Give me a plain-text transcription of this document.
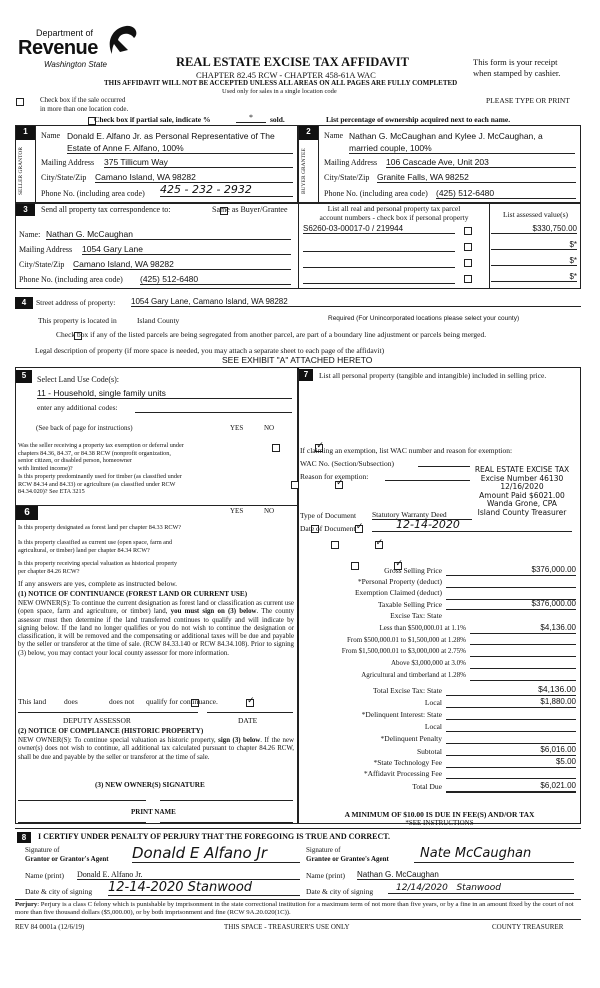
Department of
Revenue
Washington State	REAL ESTATE EXCISE TAX AFFIDAVIT
CHAPTER 82.45 RCW - CHAPTER 458-61A WAC
This form is your receipt
when stamped by cashier.
THIS AFFIDAVIT WILL NOT BE ACCEPTED UNLESS ALL AREAS ON ALL PAGES ARE FULLY COMPLETED
Used only for sales in a single location code

Check box if the sale occurred
in more than one location code.
PLEASE TYPE OR PRINT

Check box if partial sale, indicate %	*	sold.	List percentage of ownership acquired next to each name.
1
SELLER GRANTOR
Name Donald E. Alfano Jr. as Personal Representative of The
Estate of Anne F. Alfano, 100%
Mailing Address 375 Tillicum Way
City/State/Zip Camano Island, WA 98282
Phone No. (including area code) 425 - 232 - 2932
2
BUYER GRANTEE
Name Nathan G. McCaughan and Kylee J. McCaughan, a
married couple, 100%
Mailing Address 106 Cascade Ave, Unit 203
City/State/Zip Granite Falls, WA 98252
Phone No. (including area code) (425) 512-6480
3	Send all property tax correspondence to:
	Same as Buyer/Grantee
Name: Nathan G. McCaughan
Mailing Address 1054 Gary Lane
City/State/Zip Camano Island, WA 98282
Phone No. (including area code) (425) 512-6480
List all real and personal property tax parcel
account numbers - check box if personal property	List assessed value(s)
S6260-03-00017-0 / 219944	$330,750.00
$*
$*
$*
4	Street address of property: 1054 Gary Lane, Camano Island, WA 98282
This property is located in	Island County	Required (For Unincorporated locations please select your county)

Check box if any of the listed parcels are being segregated from another parcel, are part of a boundary line adjustment or parcels being merged.
Legal description of property (if more space is needed, you may attach a separate sheet to each page of the affidavit)
SEE EXHIBIT "A" ATTACHED HERETO
5	Select Land Use Code(s):
11 - Household, single family units
enter any additional codes:
(See back of page for instructions)	YES	NO
Was the seller receiving a property tax exemption or deferral under
chapters 84.36, 84.37, or 84.38 RCW (nonprofit organization,
senior citizen, or disabled person, homeowner
with limited income)?
✓
Is this property predominantly used for timber (as classified under
RCW 84.34 and 84.33) or agriculture (as classified under RCW
84.34.020)? See ETA 3215
✓
6	YES	NO
Is this property designated as forest land per chapter 84.33 RCW?
✓
Is this property classified as current use (open space, farm and
agricultural, or timber) land per chapter 84.34 RCW?
✓
Is this property receiving special valuation as historical property
per chapter 84.26 RCW?
✓
If any answers are yes, complete as instructed below.
(1) NOTICE OF CONTINUANCE (FOREST LAND OR CURRENT USE)
NEW OWNER(S): To continue the current designation as forest land or classification as current use (open space, farm and agriculture, or timber) land, you must sign on (3) below. The county assessor must then determine if the land transferred continues to qualify and will indicate by signing below. If the land no longer qualifies or you do not wish to continue the designation or classification, it will be removed and the compensating or additional taxes will be due and payable by the seller or transferor at the time of sale. (RCW 84.33.140 or RCW 84.34.108). Prior to signing (3) below, you may contact your local county assessor for more information.
This land
does ✓	does not qualify for continuance.
DEPUTY ASSESSOR	DATE
(2) NOTICE OF COMPLIANCE (HISTORIC PROPERTY)
NEW OWNER(S): To continue special valuation as historic property, sign (3) below. If the new owner(s) does not wish to continue, all additional tax calculated pursuant to chapter 84.26 RCW, shall be due and payable by the seller or transferor at the time of sale.
(3) NEW OWNER(S) SIGNATURE
PRINT NAME
7	List all personal property (tangible and intangible) included in selling price.
If claiming an exemption, list WAC number and reason for exemption:
WAC No. (Section/Subsection)
Reason for exemption:
REAL ESTATE EXCISE TAX
Excise Number 46130
12/16/2020
Amount Paid $6021.00
Wanda Grone, CPA
Island County Treasurer
Type of Document Statutory Warranty Deed
Date of Document	12-14-2020
Gross Selling Price	$376,000.00
*Personal Property (deduct)
Exemption Claimed (deduct)
Taxable Selling Price	$376,000.00
Excise Tax: State
Less than $500,000.01 at 1.1%	$4,136.00
From $500,000.01 to $1,500,000 at 1.28%
From $1,500,000.01 to $3,000,000 at 2.75%
Above $3,000,000 at 3.0%
Agricultural and timberland at 1.28%
Total Excise Tax: State	$4,136.00
Local	$1,880.00
*Delinquent Interest: State
Local
*Delinquent Penalty
Subtotal	$6,016.00
*State Technology Fee	$5.00
*Affidavit Processing Fee
Total Due	$6,021.00
A MINIMUM OF $10.00 IS DUE IN FEE(S) AND/OR TAX
*SEE INSTRUCTIONS
8	I CERTIFY UNDER PENALTY OF PERJURY THAT THE FOREGOING IS TRUE AND CORRECT.
Signature of
Grantor or Grantor's Agent Donald E Alfano Jr
Name (print) Donald E. Alfano Jr.
Date & city of signing 12-14-2020 Stanwood
Signature of
Grantee or Grantee's Agent	Nate McCaughan
Name (print) Nathan G. McCaughan
Date & city of signing	12/14/2020   Stanwood
Perjury: Perjury is a class C felony which is punishable by imprisonment in the state correctional institution for a maximum term of not more than five years, or by a fine in an amount fixed by the court of not more than five thousand dollars ($5,000.00), or by both imprisonment and fine (RCW 9A.20.020(1C)).
REV 84 0001a (12/6/19)	THIS SPACE - TREASURER'S USE ONLY	COUNTY TREASURER
